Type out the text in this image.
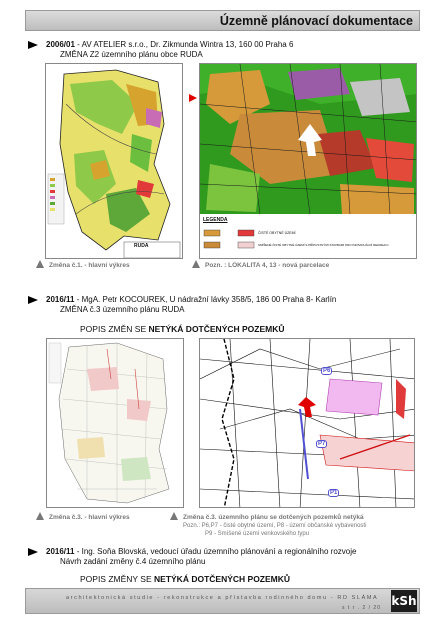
Územně plánovací dokumentace
2006/01 - AV ATELIER s.r.o., Dr. Zikmunda Wintra 13, 160 00 Praha 6
ZMĚNA Z2 územního plánu obce RUDA
RUDA
LEGENDA
ČISTÉ OBYTNÉ ÚZEMÍ
SMÍŠENÉ ČISTÉ OBYTNÉ ÚZEMÍ S PŘÍPUSTNÝMI STAVBAMI PRO INDIVIDUÁLNÍ REKREACI
Změna č.1. - hlavní výkres	Pozn. : LOKALITA 4, 13 - nová parcelace
2016/11 - MgA. Petr KOCOUREK, U nádražní lávky 358/5, 186 00 Praha 8- Karlín
ZMĚNA č.3 územního plánu RUDA
POPIS ZMĚN SE NETÝKÁ DOTČENÝCH POZEMKŮ
P6
P7
P1
Změna č.3. - hlavní výkres	Změna č.3. územního plánu se dotčených pozemků netýká
Pozn.: P6,P7 - čisté obytné území, P8 - území občanské vybavenosti
P9 - Smíšené území venkovského typu
2016/11 - Ing. Soňa Blovská, vedoucí úřadu územního plánování a regionálního rozvoje
Návrh zadání změny č.4 územního plánu
POPIS ZMĚNY SE NETÝKÁ DOTČENÝCH POZEMKŮ
architektonická studie - rekonstrukce a přístavba rodinného domu - RD SLÁMA
s t r . 2 / 20 kSh
